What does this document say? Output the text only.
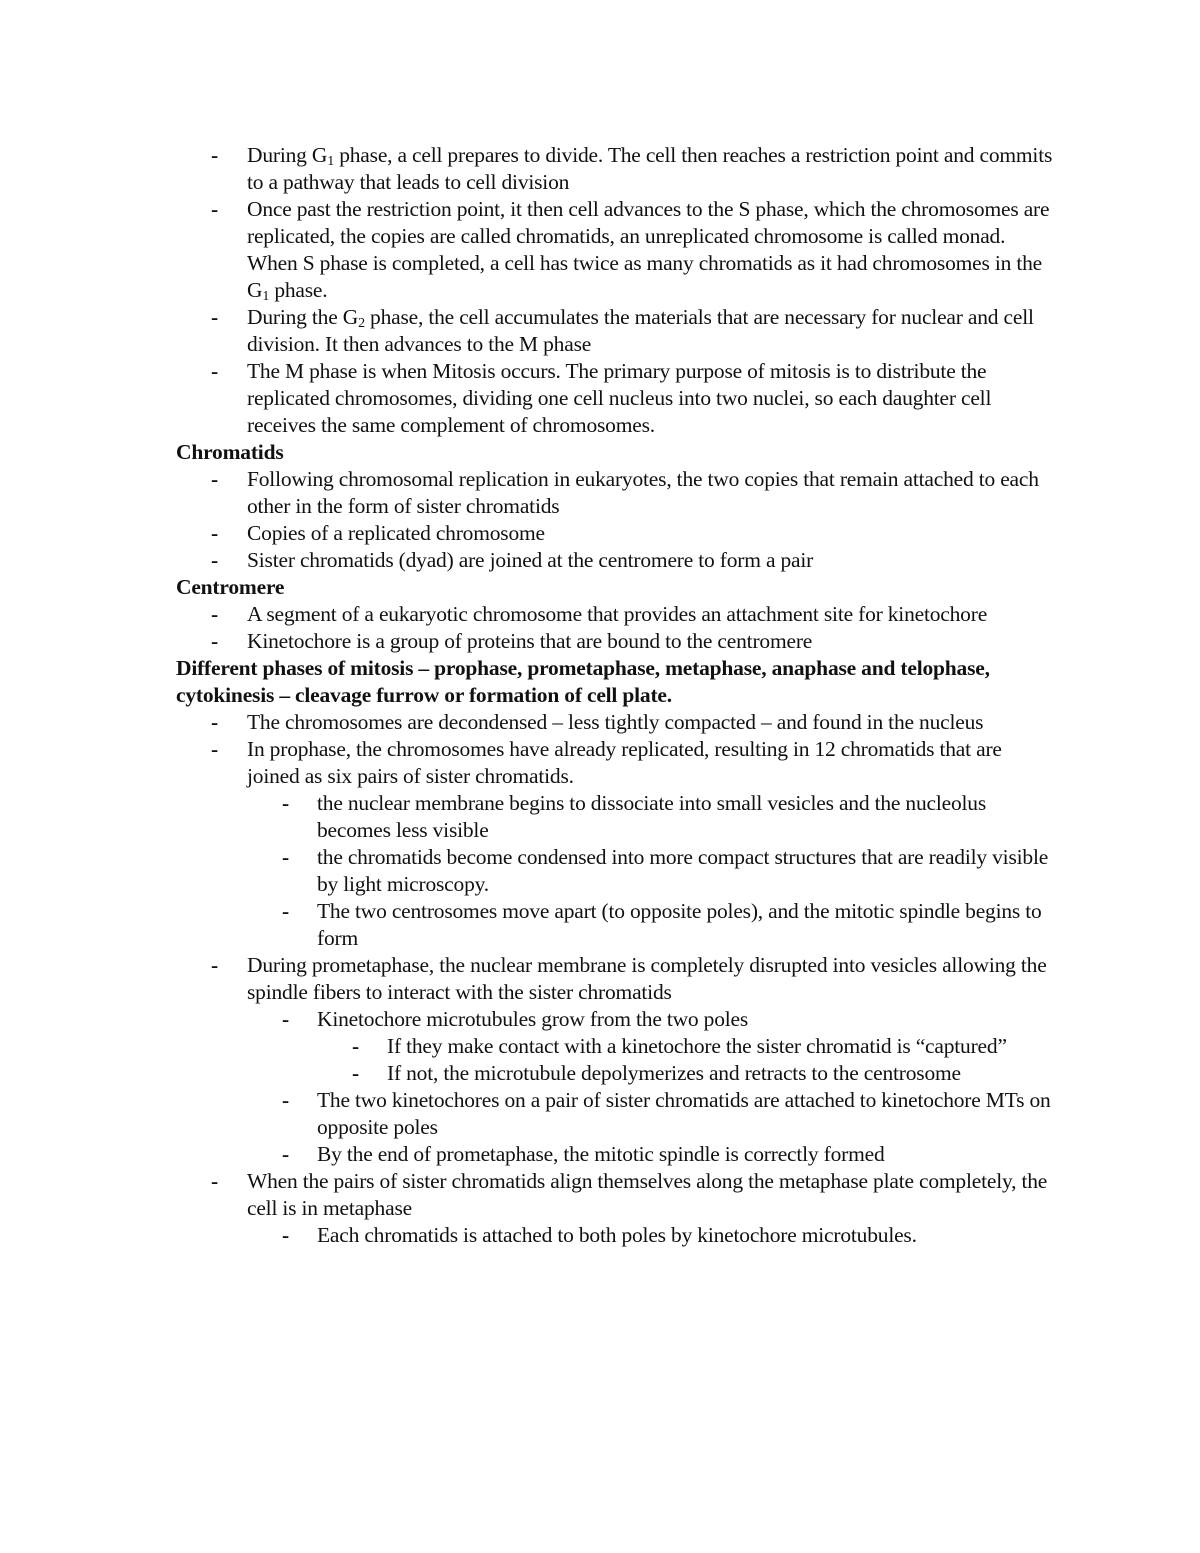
- During $G_1$ phase, a cell prepares to divide. The cell then reaches a restriction point and commits to a pathway that leads to cell division
- Once past the restriction point, it then cell advances to the S phase, which the chromosomes are replicated, the copies are called chromatids, an unreplicated chromosome is called monad. When S phase is completed, a cell has twice as many chromatids as it had chromosomes in the $G_1$ phase.
- During the $G_2$ phase, the cell accumulates the materials that are necessary for nuclear and cell division. It then advances to the M phase
- The M phase is when Mitosis occurs. The primary purpose of mitosis is to distribute the replicated chromosomes, dividing one cell nucleus into two nuclei, so each daughter cell receives the same complement of chromosomes.

Chromatids

- Following chromosomal replication in eukaryotes, the two copies that remain attached to each other in the form of sister chromatids
- Copies of a replicated chromosome
- Sister chromatids (dyad) are joined at the centromere to form a pair

Centromere

- A segment of a eukaryotic chromosome that provides an attachment site for kinetochore
- Kinetochore is a group of proteins that are bound to the centromere

Different phases of mitosis – prophase, prometaphase, metaphase, anaphase and telophase, cytokinesis – cleavage furrow or formation of cell plate.

- The chromosomes are decondensed – less tightly compacted – and found in the nucleus
- In prophase, the chromosomes have already replicated, resulting in 12 chromatids that are joined as six pairs of sister chromatids.
- the nuclear membrane begins to dissociate into small vesicles and the nucleolus becomes less visible
- the chromatids become condensed into more compact structures that are readily visible by light microscopy.
- The two centrosomes move apart (to opposite poles), and the mitotic spindle begins to form
- During prometaphase, the nuclear membrane is completely disrupted into vesicles allowing the spindle fibers to interact with the sister chromatids
- Kinetochore microtubules grow from the two poles
- If they make contact with a kinetochore the sister chromatid is “captured”
- If not, the microtubule depolymerizes and retracts to the centrosome
- The two kinetochores on a pair of sister chromatids are attached to kinetochore MTs on opposite poles
- By the end of prometaphase, the mitotic spindle is correctly formed
- When the pairs of sister chromatids align themselves along the metaphase plate completely, the cell is in metaphase
- Each chromatids is attached to both poles by kinetochore microtubules.
